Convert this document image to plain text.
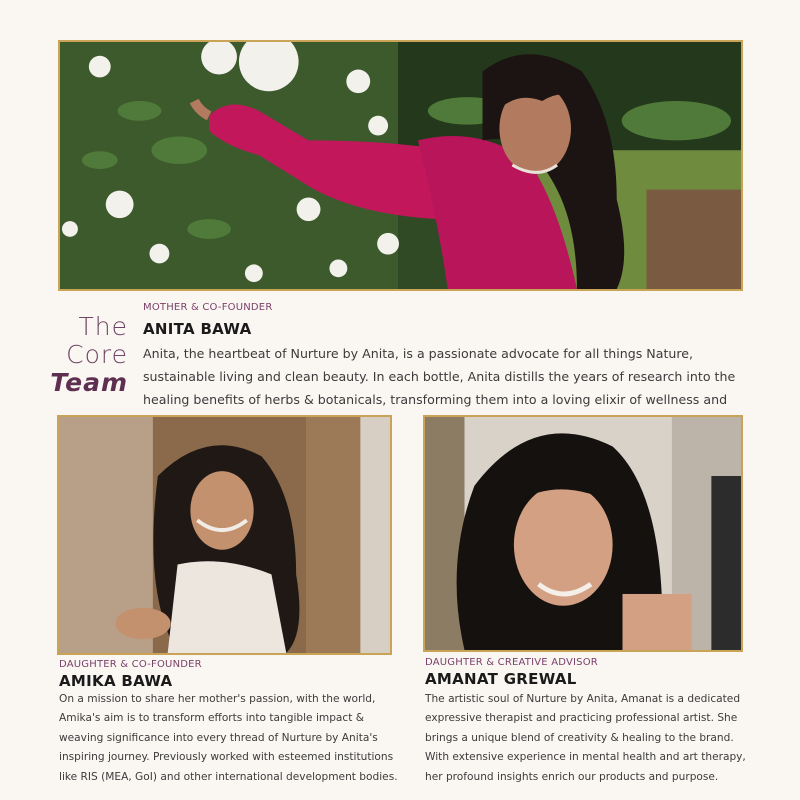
The
Core
Team
MOTHER & CO-FOUNDER
ANITA BAWA
Anita, the heartbeat of Nurture by Anita, is a passionate advocate for all things Nature, sustainable living and clean beauty. In each bottle, Anita distills the years of research into the healing benefits of herbs & botanicals, transforming them into a loving elixir of wellness and
DAUGHTER & CO-FOUNDER
AMIKA BAWA
On a mission to share her mother's passion, with the world, Amika's aim is to transform efforts into tangible impact & weaving significance into every thread of Nurture by Anita's inspiring journey. Previously worked with esteemed institutions like RIS (MEA, GoI) and other international development bodies.
DAUGHTER & CREATIVE ADVISOR
AMANAT GREWAL
The artistic soul of Nurture by Anita, Amanat is a dedicated expressive therapist and practicing professional artist. She brings a unique blend of creativity & healing to the brand. With extensive experience in mental health and art therapy, her profound insights enrich our products and purpose.
